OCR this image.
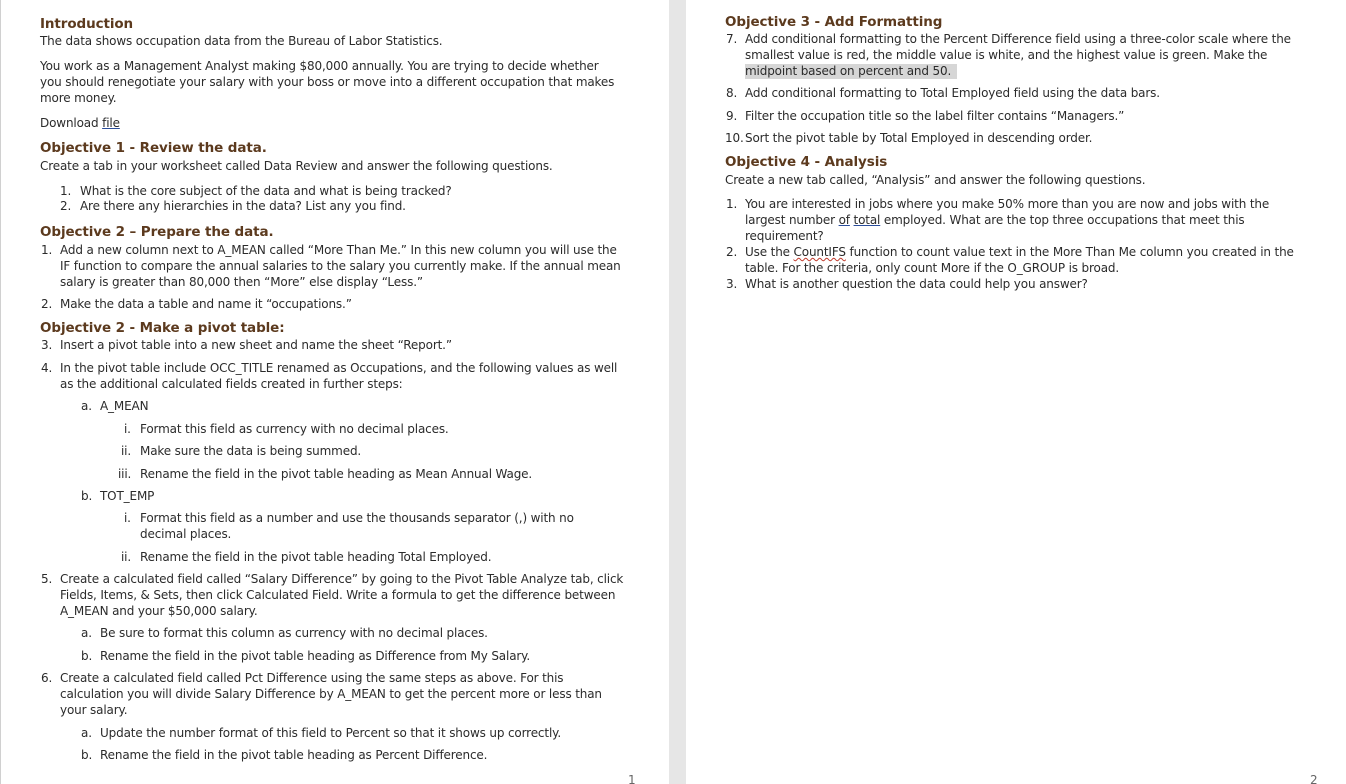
Introduction
The data shows occupation data from the Bureau of Labor Statistics.
You work as a Management Analyst making $80,000 annually. You are trying to decide whether
you should renegotiate your salary with your boss or move into a different occupation that makes
more money.
Download file
Objective 1 - Review the data.
Create a tab in your worksheet called Data Review and answer the following questions.
1. What is the core subject of the data and what is being tracked?
2. Are there any hierarchies in the data? List any you find.
Objective 2 – Prepare the data.
1. Add a new column next to A_MEAN called “More Than Me.” In this new column you will use the
IF function to compare the annual salaries to the salary you currently make. If the annual mean
salary is greater than 80,000 then “More” else display “Less.”
2. Make the data a table and name it “occupations.”
Objective 2 - Make a pivot table:
3. Insert a pivot table into a new sheet and name the sheet “Report.”
4. In the pivot table include OCC_TITLE renamed as Occupations, and the following values as well
as the additional calculated fields created in further steps:
a. A_MEAN
i. Format this field as currency with no decimal places.
ii. Make sure the data is being summed.
iii. Rename the field in the pivot table heading as Mean Annual Wage.
b. TOT_EMP
i. Format this field as a number and use the thousands separator (,) with no
decimal places.
ii. Rename the field in the pivot table heading Total Employed.
5. Create a calculated field called “Salary Difference” by going to the Pivot Table Analyze tab, click
Fields, Items, & Sets, then click Calculated Field. Write a formula to get the difference between
A_MEAN and your $50,000 salary.
a. Be sure to format this column as currency with no decimal places.
b. Rename the field in the pivot table heading as Difference from My Salary.
6. Create a calculated field called Pct Difference using the same steps as above. For this
calculation you will divide Salary Difference by A_MEAN to get the percent more or less than
your salary.
a. Update the number format of this field to Percent so that it shows up correctly.
b. Rename the field in the pivot table heading as Percent Difference.
1
Objective 3 - Add Formatting
7. Add conditional formatting to the Percent Difference field using a three-color scale where the
smallest value is red, the middle value is white, and the highest value is green. Make the
midpoint based on percent and 50.
8. Add conditional formatting to Total Employed field using the data bars.
9. Filter the occupation title so the label filter contains “Managers.”
10. Sort the pivot table by Total Employed in descending order.
Objective 4 - Analysis
Create a new tab called, “Analysis” and answer the following questions.
1. You are interested in jobs where you make 50% more than you are now and jobs with the
largest number of total employed. What are the top three occupations that meet this
requirement?
2. Use the CountIFS function to count value text in the More Than Me column you created in the
table. For the criteria, only count More if the O_GROUP is broad.
3. What is another question the data could help you answer?
2
